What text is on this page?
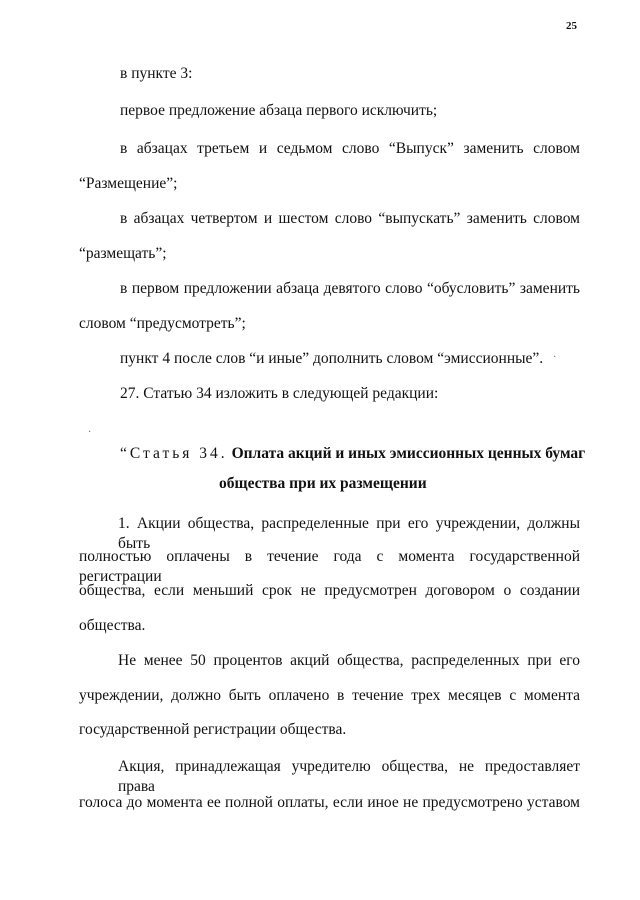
25
в пункте 3:
первое предложение абзаца первого исключить;
в абзацах третьем и седьмом слово “Выпуск” заменить словом
“Размещение”;
в абзацах четвертом и шестом слово “выпускать” заменить словом
“размещать”;
в первом предложении абзаца девятого слово “обусловить” заменить
словом “предусмотреть”;
пункт 4 после слов “и иные” дополнить словом “эмиссионные”.
27. Статью 34 изложить в следующей редакции:
“Статья 34. Оплата акций и иных эмиссионных ценных бумаг
общества при их размещении
1. Акции общества, распределенные при его учреждении, должны быть
полностью оплачены в течение года с момента государственной регистрации
общества, если меньший срок не предусмотрен договором о создании
общества.
Не менее 50 процентов акций общества, распределенных при его
учреждении, должно быть оплачено в течение трех месяцев с момента
государственной регистрации общества.
Акция, принадлежащая учредителю общества, не предоставляет права
голоса до момента ее полной оплаты, если иное не предусмотрено уставом
·
·
